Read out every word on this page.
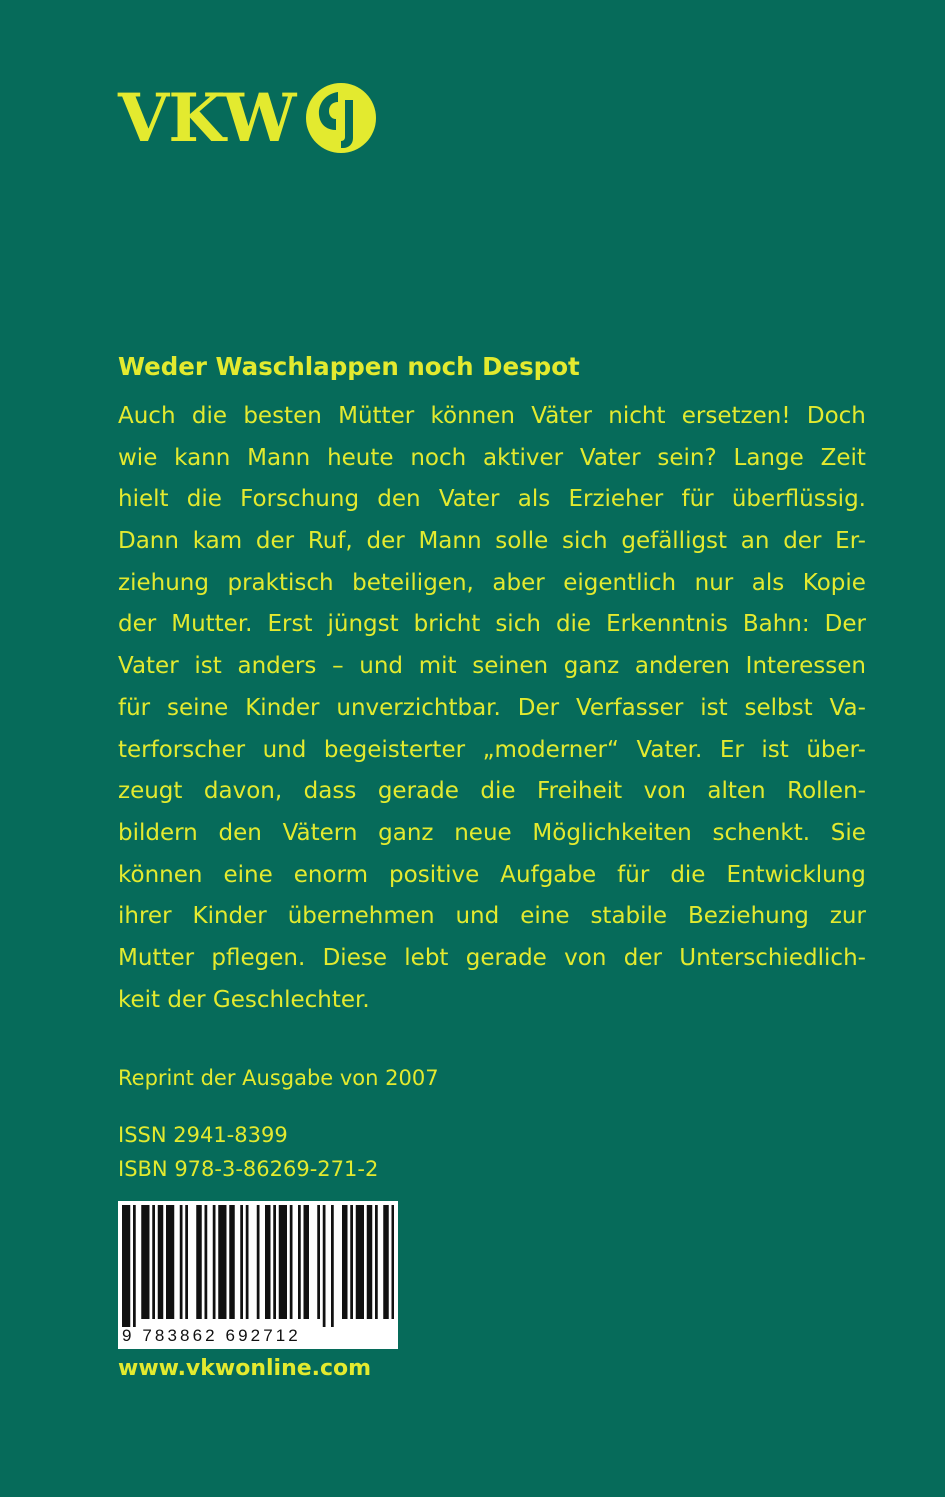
VKW
Weder Waschlappen noch Despot
Auch die besten Mütter können Väter nicht ersetzen! Doch
wie kann Mann heute noch aktiver Vater sein? Lange Zeit
hielt die Forschung den Vater als Erzieher für überflüssig.
Dann kam der Ruf, der Mann solle sich gefälligst an der Er-
ziehung praktisch beteiligen, aber eigentlich nur als Kopie
der Mutter. Erst jüngst bricht sich die Erkenntnis Bahn: Der
Vater ist anders – und mit seinen ganz anderen Interessen
für seine Kinder unverzichtbar. Der Verfasser ist selbst Va-
terforscher und begeisterter „moderner“ Vater. Er ist über-
zeugt davon, dass gerade die Freiheit von alten Rollen-
bildern den Vätern ganz neue Möglichkeiten schenkt. Sie
können eine enorm positive Aufgabe für die Entwicklung
ihrer Kinder übernehmen und eine stabile Beziehung zur
Mutter pflegen. Diese lebt gerade von der Unterschiedlich-
keit der Geschlechter.
Reprint der Ausgabe von 2007
ISSN 2941-8399
ISBN 978-3-86269-271-2
9 783862 692712
www.vkwonline.com
